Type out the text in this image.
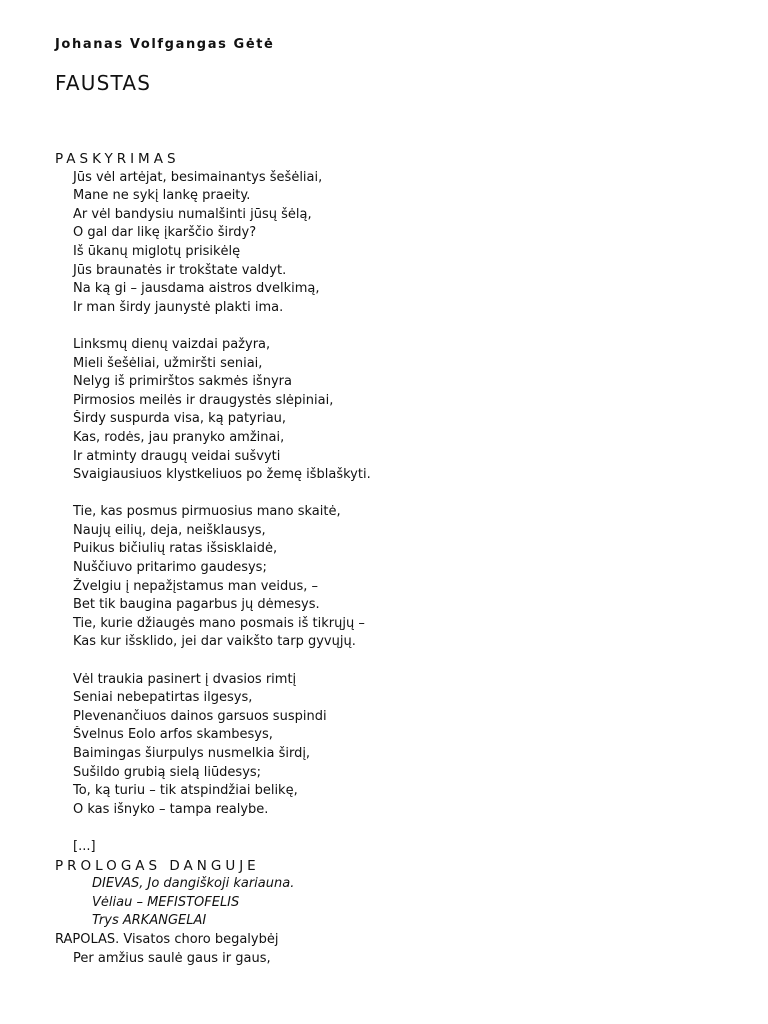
Johanas Volfgangas Gėtė
FAUSTAS
PASKYRIMAS
Jūs vėl artėjat, besimainantys šešėliai,
Mane ne sykį lankę praeity.
Ar vėl bandysiu numalšinti jūsų šėlą,
O gal dar likę įkarščio širdy?
Iš ūkanų miglotų prisikėlę
Jūs braunatės ir trokštate valdyt.
Na ką gi – jausdama aistros dvelkimą,
Ir man širdy jaunystė plakti ima.
Linksmų dienų vaizdai pažyra,
Mieli šešėliai, užmiršti seniai,
Nelyg iš primirštos sakmės išnyra
Pirmosios meilės ir draugystės slėpiniai,
Širdy suspurda visa, ką patyriau,
Kas, rodės, jau pranyko amžinai,
Ir atminty draugų veidai sušvyti
Svaigiausiuos klystkeliuos po žemę išblaškyti.
Tie, kas posmus pirmuosius mano skaitė,
Naujų eilių, deja, neišklausys,
Puikus bičiulių ratas išsisklaidė,
Nuščiuvo pritarimo gaudesys;
Žvelgiu į nepažįstamus man veidus, –
Bet tik baugina pagarbus jų dėmesys.
Tie, kurie džiaugės mano posmais iš tikrųjų –
Kas kur išsklido, jei dar vaikšto tarp gyvųjų.
Vėl traukia pasinert į dvasios rimtį
Seniai nebepatirtas ilgesys,
Plevenančiuos dainos garsuos suspindi
Švelnus Eolo arfos skambesys,
Baimingas šiurpulys nusmelkia širdį,
Sušildo grubią sielą liūdesys;
To, ką turiu – tik atspindžiai belikę,
O kas išnyko – tampa realybe.
[...]
PROLOGAS DANGUJE
DIEVAS, Jo dangiškoji kariauna.
Vėliau – MEFISTOFELIS
Trys ARKANGELAI
RAPOLAS. Visatos choro begalybėj
Per amžius saulė gaus ir gaus,
